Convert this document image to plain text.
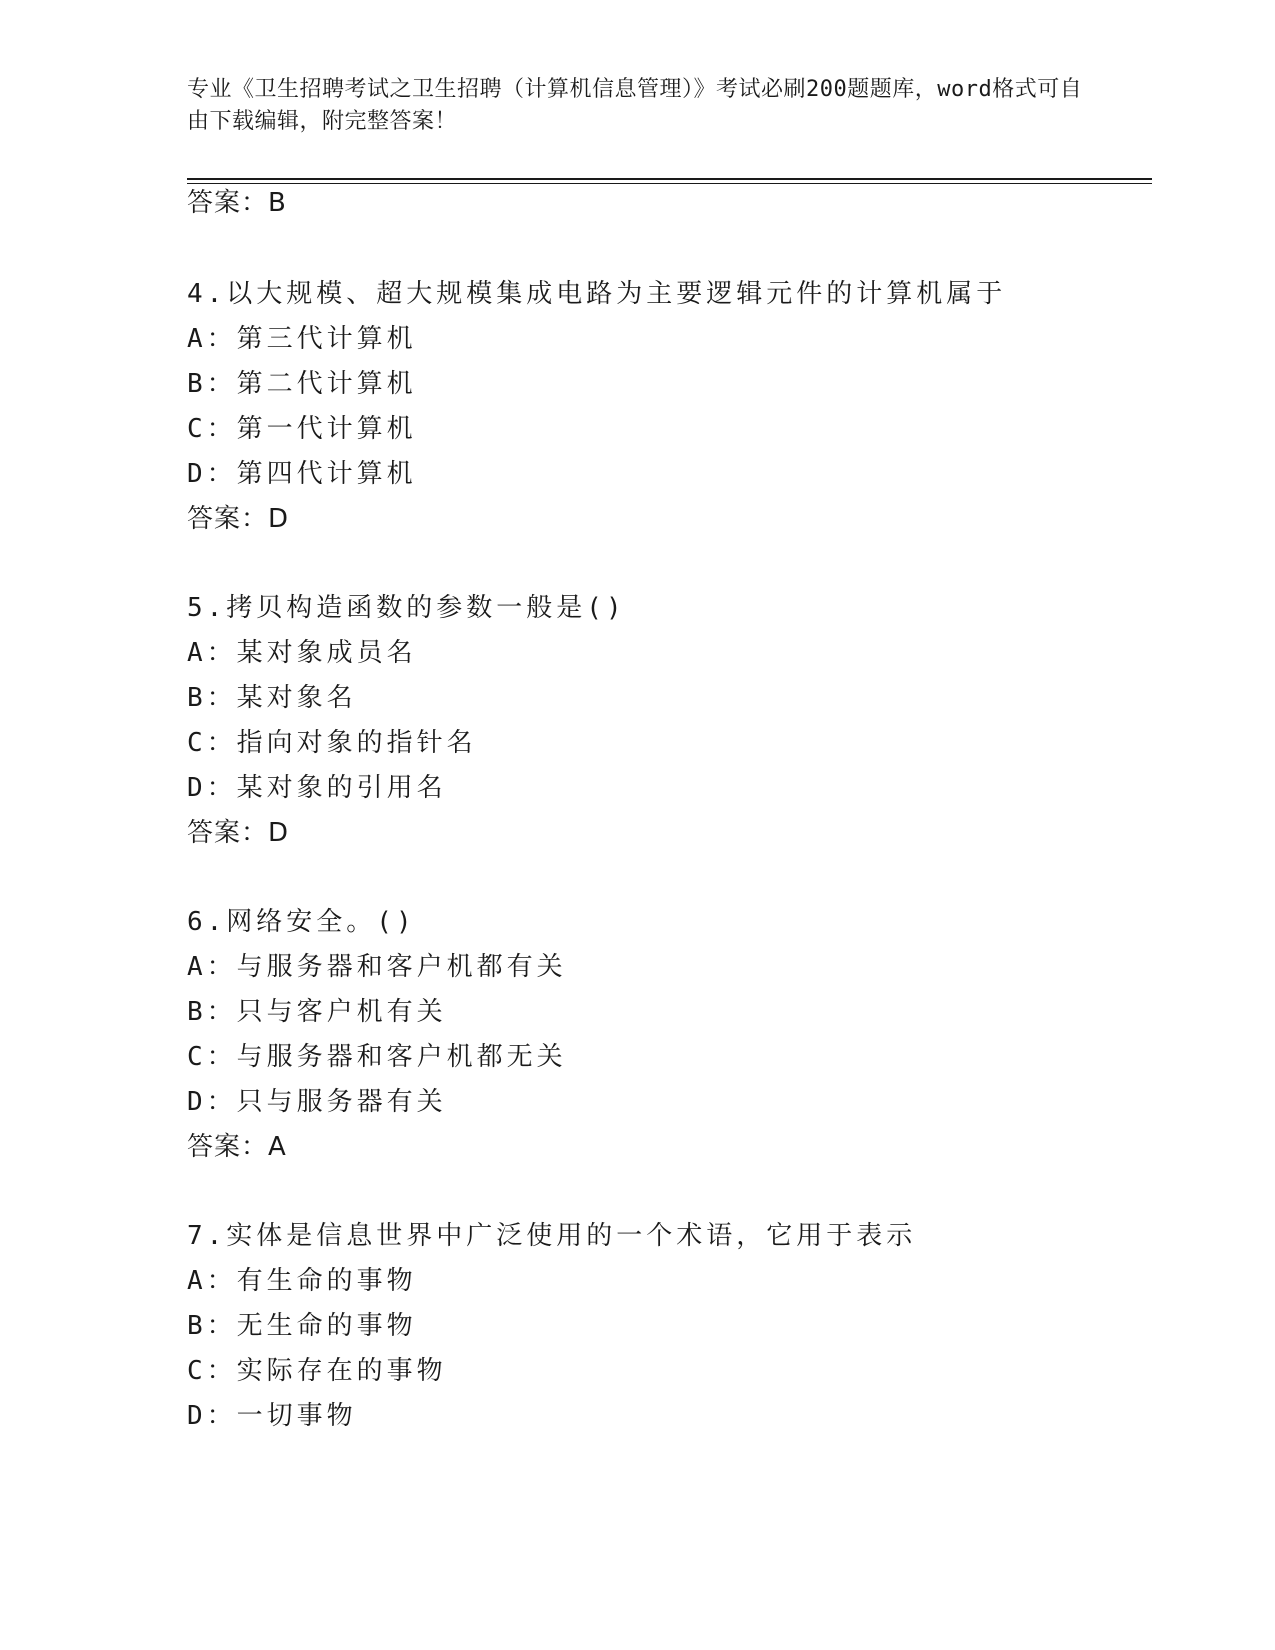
专业《卫生招聘考试之卫生招聘（计算机信息管理）》考试必刷200题题库，word格式可自由下载编辑，附完整答案！
答案：B
4.以大规模、超大规模集成电路为主要逻辑元件的计算机属于
A：第三代计算机
B：第二代计算机
C：第一代计算机
D：第四代计算机
答案：D
5.拷贝构造函数的参数一般是()
A：某对象成员名
B：某对象名
C：指向对象的指针名
D：某对象的引用名
答案：D
6.网络安全。()
A：与服务器和客户机都有关
B：只与客户机有关
C：与服务器和客户机都无关
D：只与服务器有关
答案：A
7.实体是信息世界中广泛使用的一个术语，它用于表示
A：有生命的事物
B：无生命的事物
C：实际存在的事物
D：一切事物
